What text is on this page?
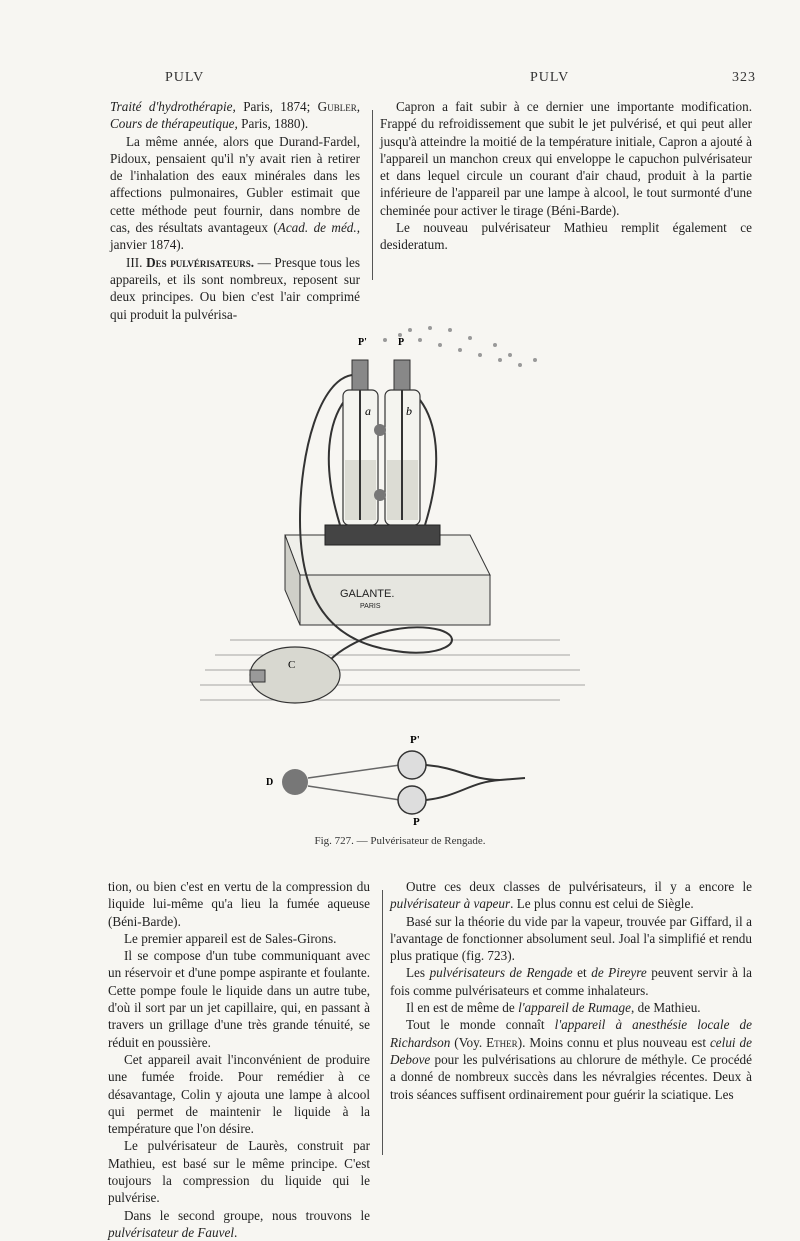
PULV	PULV	323

Traité d'hydrothérapie, Paris, 1874; Gubler, Cours de thérapeutique, Paris, 1880).

La même année, alors que Durand-Fardel, Pidoux, pensaient qu'il n'y avait rien à retirer de l'inhalation des eaux minérales dans les affections pulmonaires, Gubler estimait que cette méthode peut fournir, dans nombre de cas, des résultats avantageux (Acad. de méd., janvier 1874).

III. Des pulvérisateurs. — Presque tous les appareils, et ils sont nombreux, reposent sur deux principes. Ou bien c'est l'air comprimé qui produit la pulvérisa-

Capron a fait subir à ce dernier une importante modification. Frappé du refroidissement que subit le jet pulvérisé, et qui peut aller jusqu'à atteindre la moitié de la température initiale, Capron a ajouté à l'appareil un manchon creux qui enveloppe le capuchon pulvérisateur et dans lequel circule un courant d'air chaud, produit à la partie inférieure de l'appareil par une lampe à alcool, le tout surmonté d'une cheminée pour activer le tirage (Béni-Barde).

Le nouveau pulvérisateur Mathieu remplit également ce desideratum.

GALANTE.
PARIS
P'	P
a	b
C
P'
P
D
Fig. 727. — Pulvérisateur de Rengade.

tion, ou bien c'est en vertu de la compression du liquide lui-même qu'a lieu la fumée aqueuse (Béni-Barde).

Le premier appareil est de Sales-Girons.

Il se compose d'un tube communiquant avec un réservoir et d'une pompe aspirante et foulante. Cette pompe foule le liquide dans un autre tube, d'où il sort par un jet capillaire, qui, en passant à travers un grillage d'une très grande ténuité, se réduit en poussière.

Cet appareil avait l'inconvénient de produire une fumée froide. Pour remédier à ce désavantage, Colin y ajouta une lampe à alcool qui permet de maintenir le liquide à la température que l'on désire.

Le pulvérisateur de Laurès, construit par Mathieu, est basé sur le même principe. C'est toujours la compression du liquide qui le pulvérise.

Dans le second groupe, nous trouvons le pulvérisateur de Fauvel.

Outre ces deux classes de pulvérisateurs, il y a encore le pulvérisateur à vapeur. Le plus connu est celui de Siègle.

Basé sur la théorie du vide par la vapeur, trouvée par Giffard, il a l'avantage de fonctionner absolument seul. Joal l'a simplifié et rendu plus pratique (fig. 723).

Les pulvérisateurs de Rengade et de Pireyre peuvent servir à la fois comme pulvérisateurs et comme inhalateurs.

Il en est de même de l'appareil de Rumage, de Mathieu.

Tout le monde connaît l'appareil à anesthésie locale de Richardson (Voy. Ether). Moins connu et plus nouveau est celui de Debove pour les pulvérisations au chlorure de méthyle. Ce procédé a donné de nombreux succès dans les névralgies récentes. Deux à trois séances suffisent ordinairement pour guérir la sciatique. Les
